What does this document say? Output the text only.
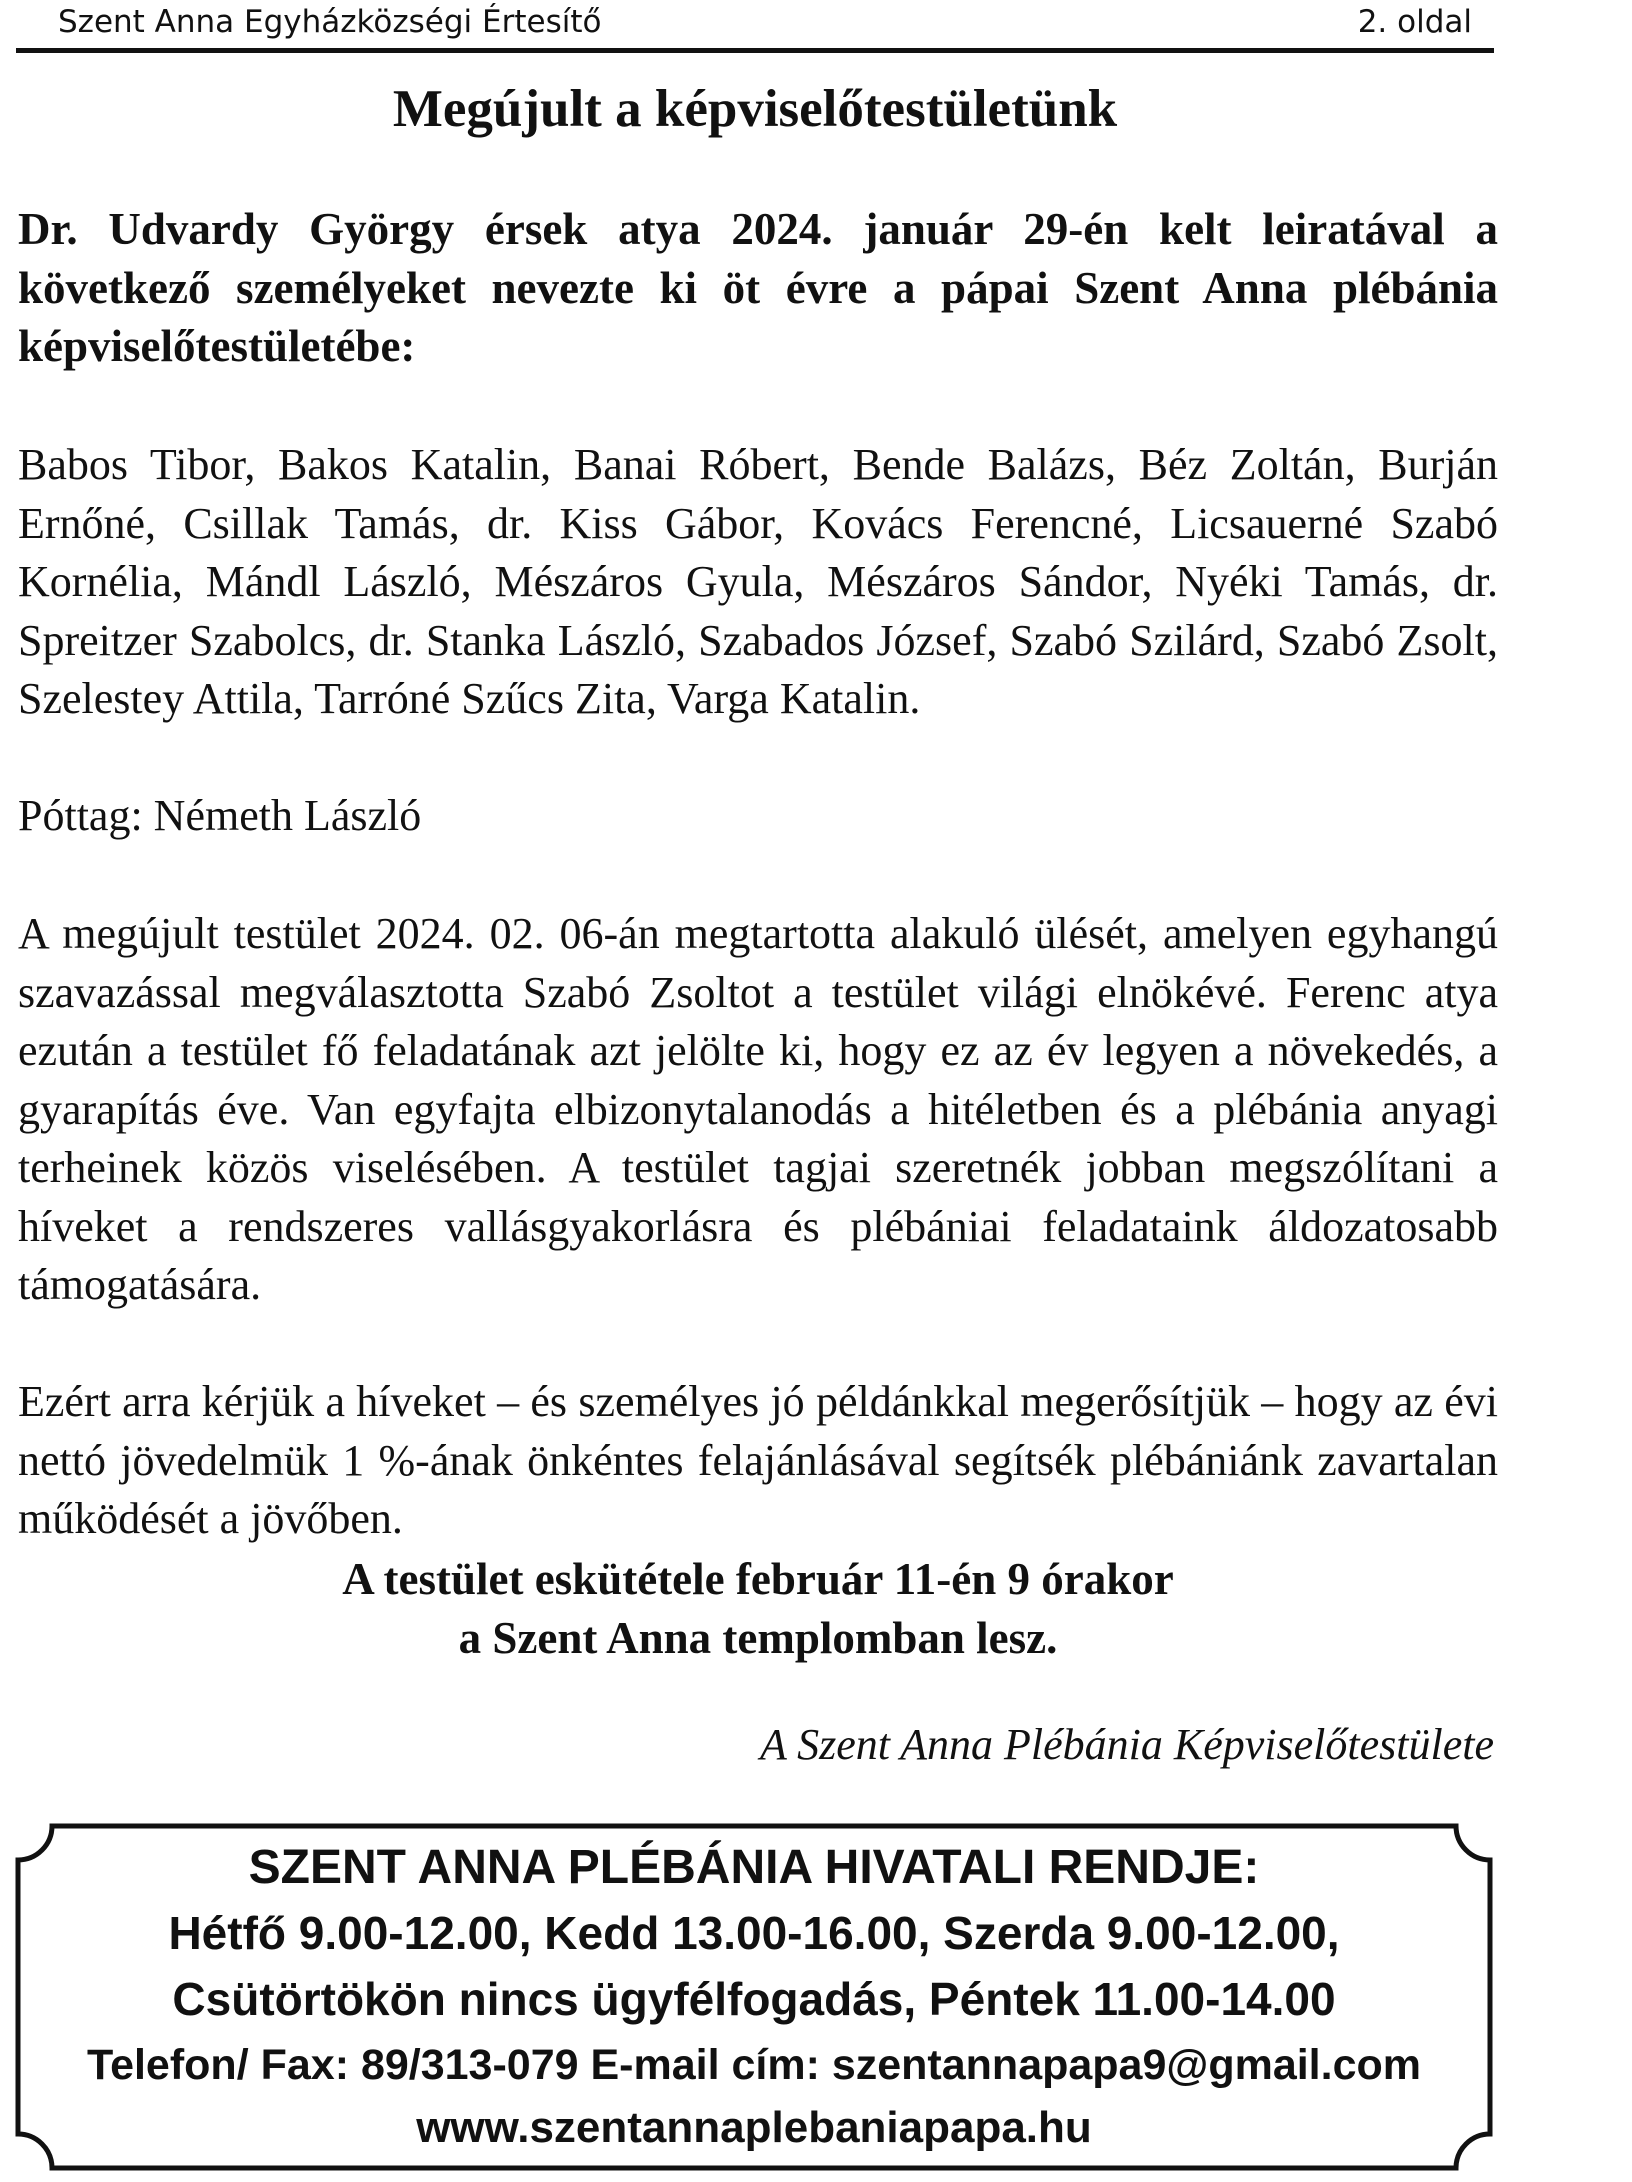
Szent Anna Egyházközségi Értesítő	2. oldal
Megújult a képviselőtestületünk

Dr. Udvardy György érsek atya 2024. január 29-én kelt leiratával a következő személyeket nevezte ki öt évre a pápai Szent Anna plébánia képviselőtestületébe:

Babos Tibor, Bakos Katalin, Banai Róbert, Bende Balázs, Béz Zoltán, Burján Ernőné, Csillak Tamás, dr. Kiss Gábor, Kovács Ferencné, Licsauerné Szabó Kornélia, Mándl László, Mészáros Gyula, Mészáros Sándor, Nyéki Tamás, dr. Spreitzer Szabolcs, dr. Stanka László, Szabados József, Szabó Szilárd, Szabó Zsolt, Szelestey Attila, Tarróné Szűcs Zita, Varga Katalin.

Póttag: Németh László

A megújult testület 2024. 02. 06-án megtartotta alakuló ülését, amelyen egyhangú szavazással megválasztotta Szabó Zsoltot a testület világi elnökévé. Ferenc atya ezután a testület fő feladatának azt jelölte ki, hogy ez az év legyen a növekedés, a gyarapítás éve. Van egyfajta elbizonytalanodás a hitéletben és a plébánia anyagi terheinek közös viselésében. A testület tagjai szeretnék jobban megszólítani a híveket a rendszeres vallásgyakorlásra és plébániai feladataink áldozatosabb támogatására.

Ezért arra kérjük a híveket – és személyes jó példánkkal megerősítjük – hogy az évi nettó jövedelmük 1 %-ának önkéntes felajánlásával segítsék plébániánk zavartalan működését a jövőben.

A testület eskütétele február 11-én 9 órakor
a Szent Anna templomban lesz.
A Szent Anna Plébánia Képviselőtestülete
SZENT ANNA PLÉBÁNIA HIVATALI RENDJE:
Hétfő 9.00-12.00, Kedd 13.00-16.00, Szerda 9.00-12.00,
Csütörtökön nincs ügyfélfogadás, Péntek 11.00-14.00
Telefon/ Fax: 89/313-079 E-mail cím: szentannapapa9@gmail.com
www.szentannaplebaniapapa.hu
